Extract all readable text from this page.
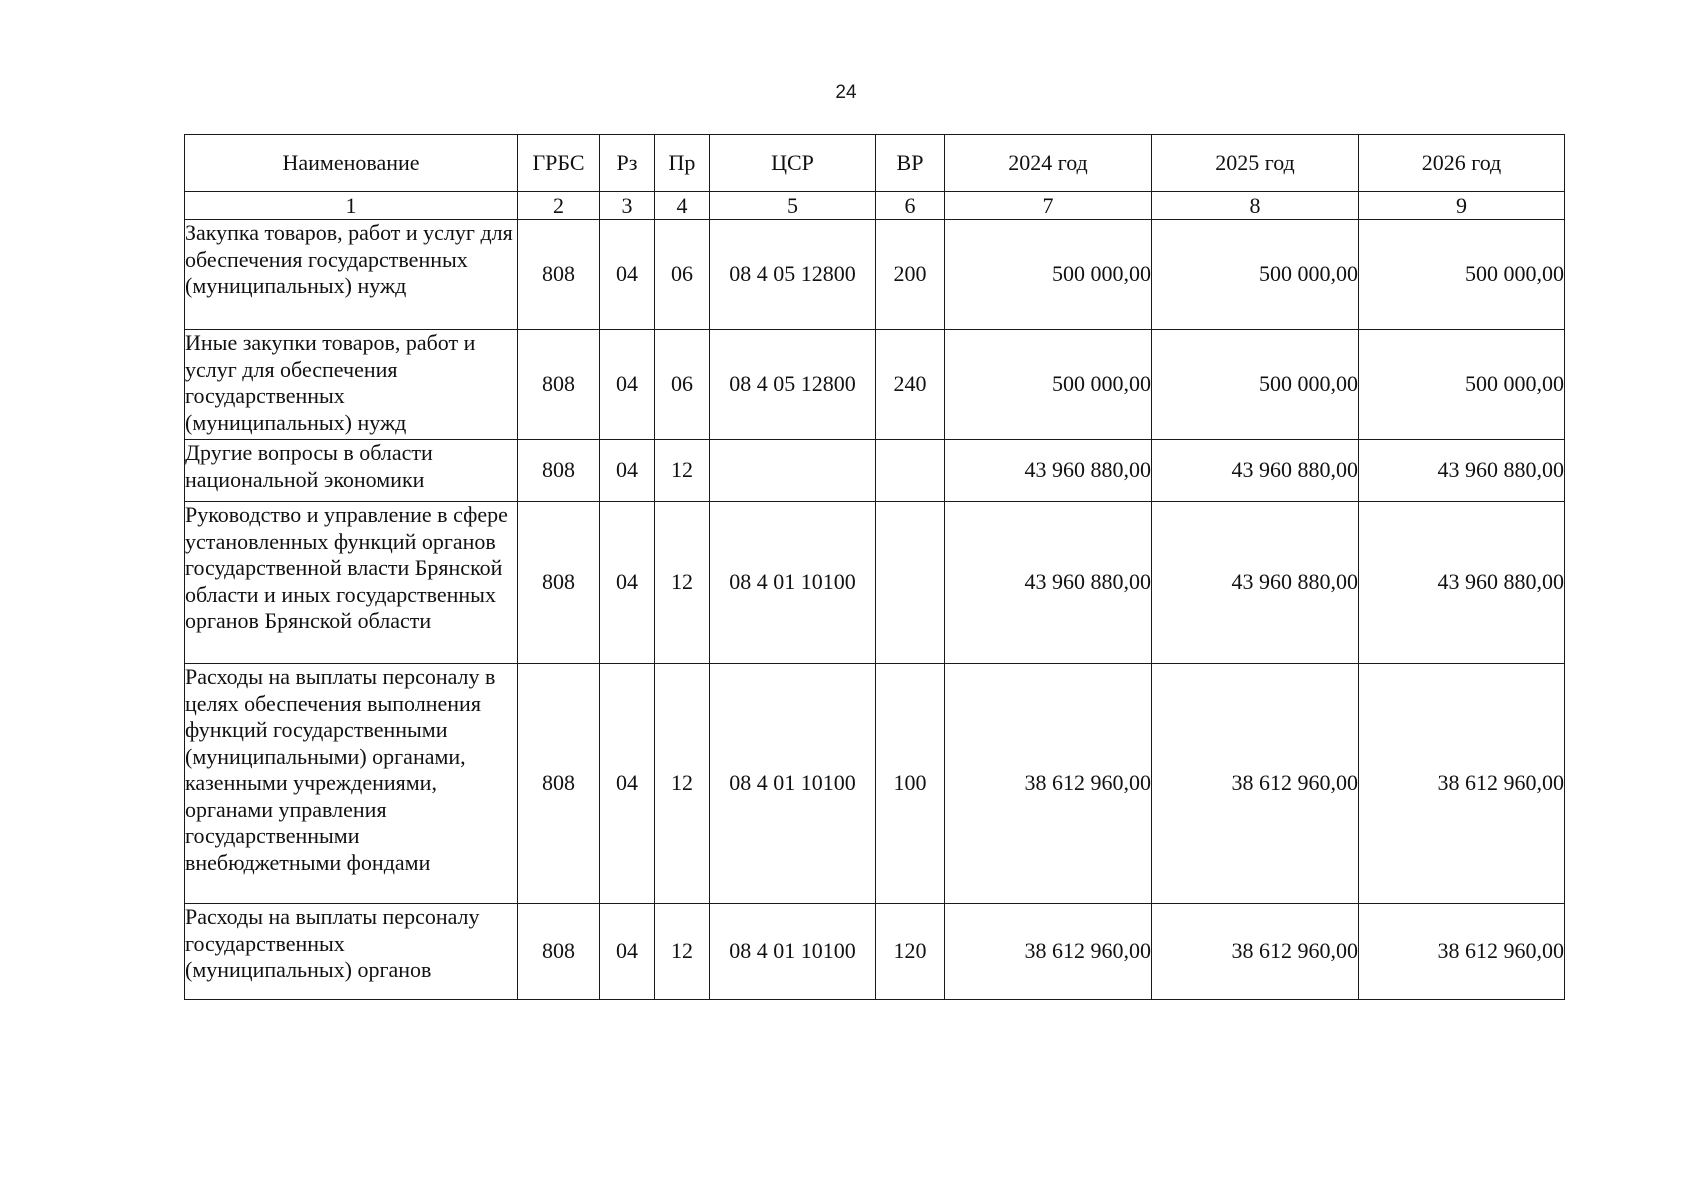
24
Наименование	ГРБС	Рз	Пр	ЦСР	ВР	2024 год	2025 год	2026 год
1	2	3	4	5	6	7	8	9
Закупка товаров, работ и услуг для обеспечения государственных (муниципальных) нужд	808	04	06	08 4 05 12800	200	500 000,00	500 000,00	500 000,00
Иные закупки товаров, работ и услуг для обеспечения государственных (муниципальных) нужд	808	04	06	08 4 05 12800	240	500 000,00	500 000,00	500 000,00
Другие вопросы в области национальной экономики	808	04	12			43 960 880,00	43 960 880,00	43 960 880,00
Руководство и управление в сфере установленных функций органов государственной власти Брянской области и иных государственных органов Брянской области	808	04	12	08 4 01 10100		43 960 880,00	43 960 880,00	43 960 880,00
Расходы на выплаты персоналу в целях обеспечения выполнения функций государственными (муниципальными) органами, казенными учреждениями, органами управления государственными внебюджетными фондами	808	04	12	08 4 01 10100	100	38 612 960,00	38 612 960,00	38 612 960,00
Расходы на выплаты персоналу государственных (муниципальных) органов	808	04	12	08 4 01 10100	120	38 612 960,00	38 612 960,00	38 612 960,00
